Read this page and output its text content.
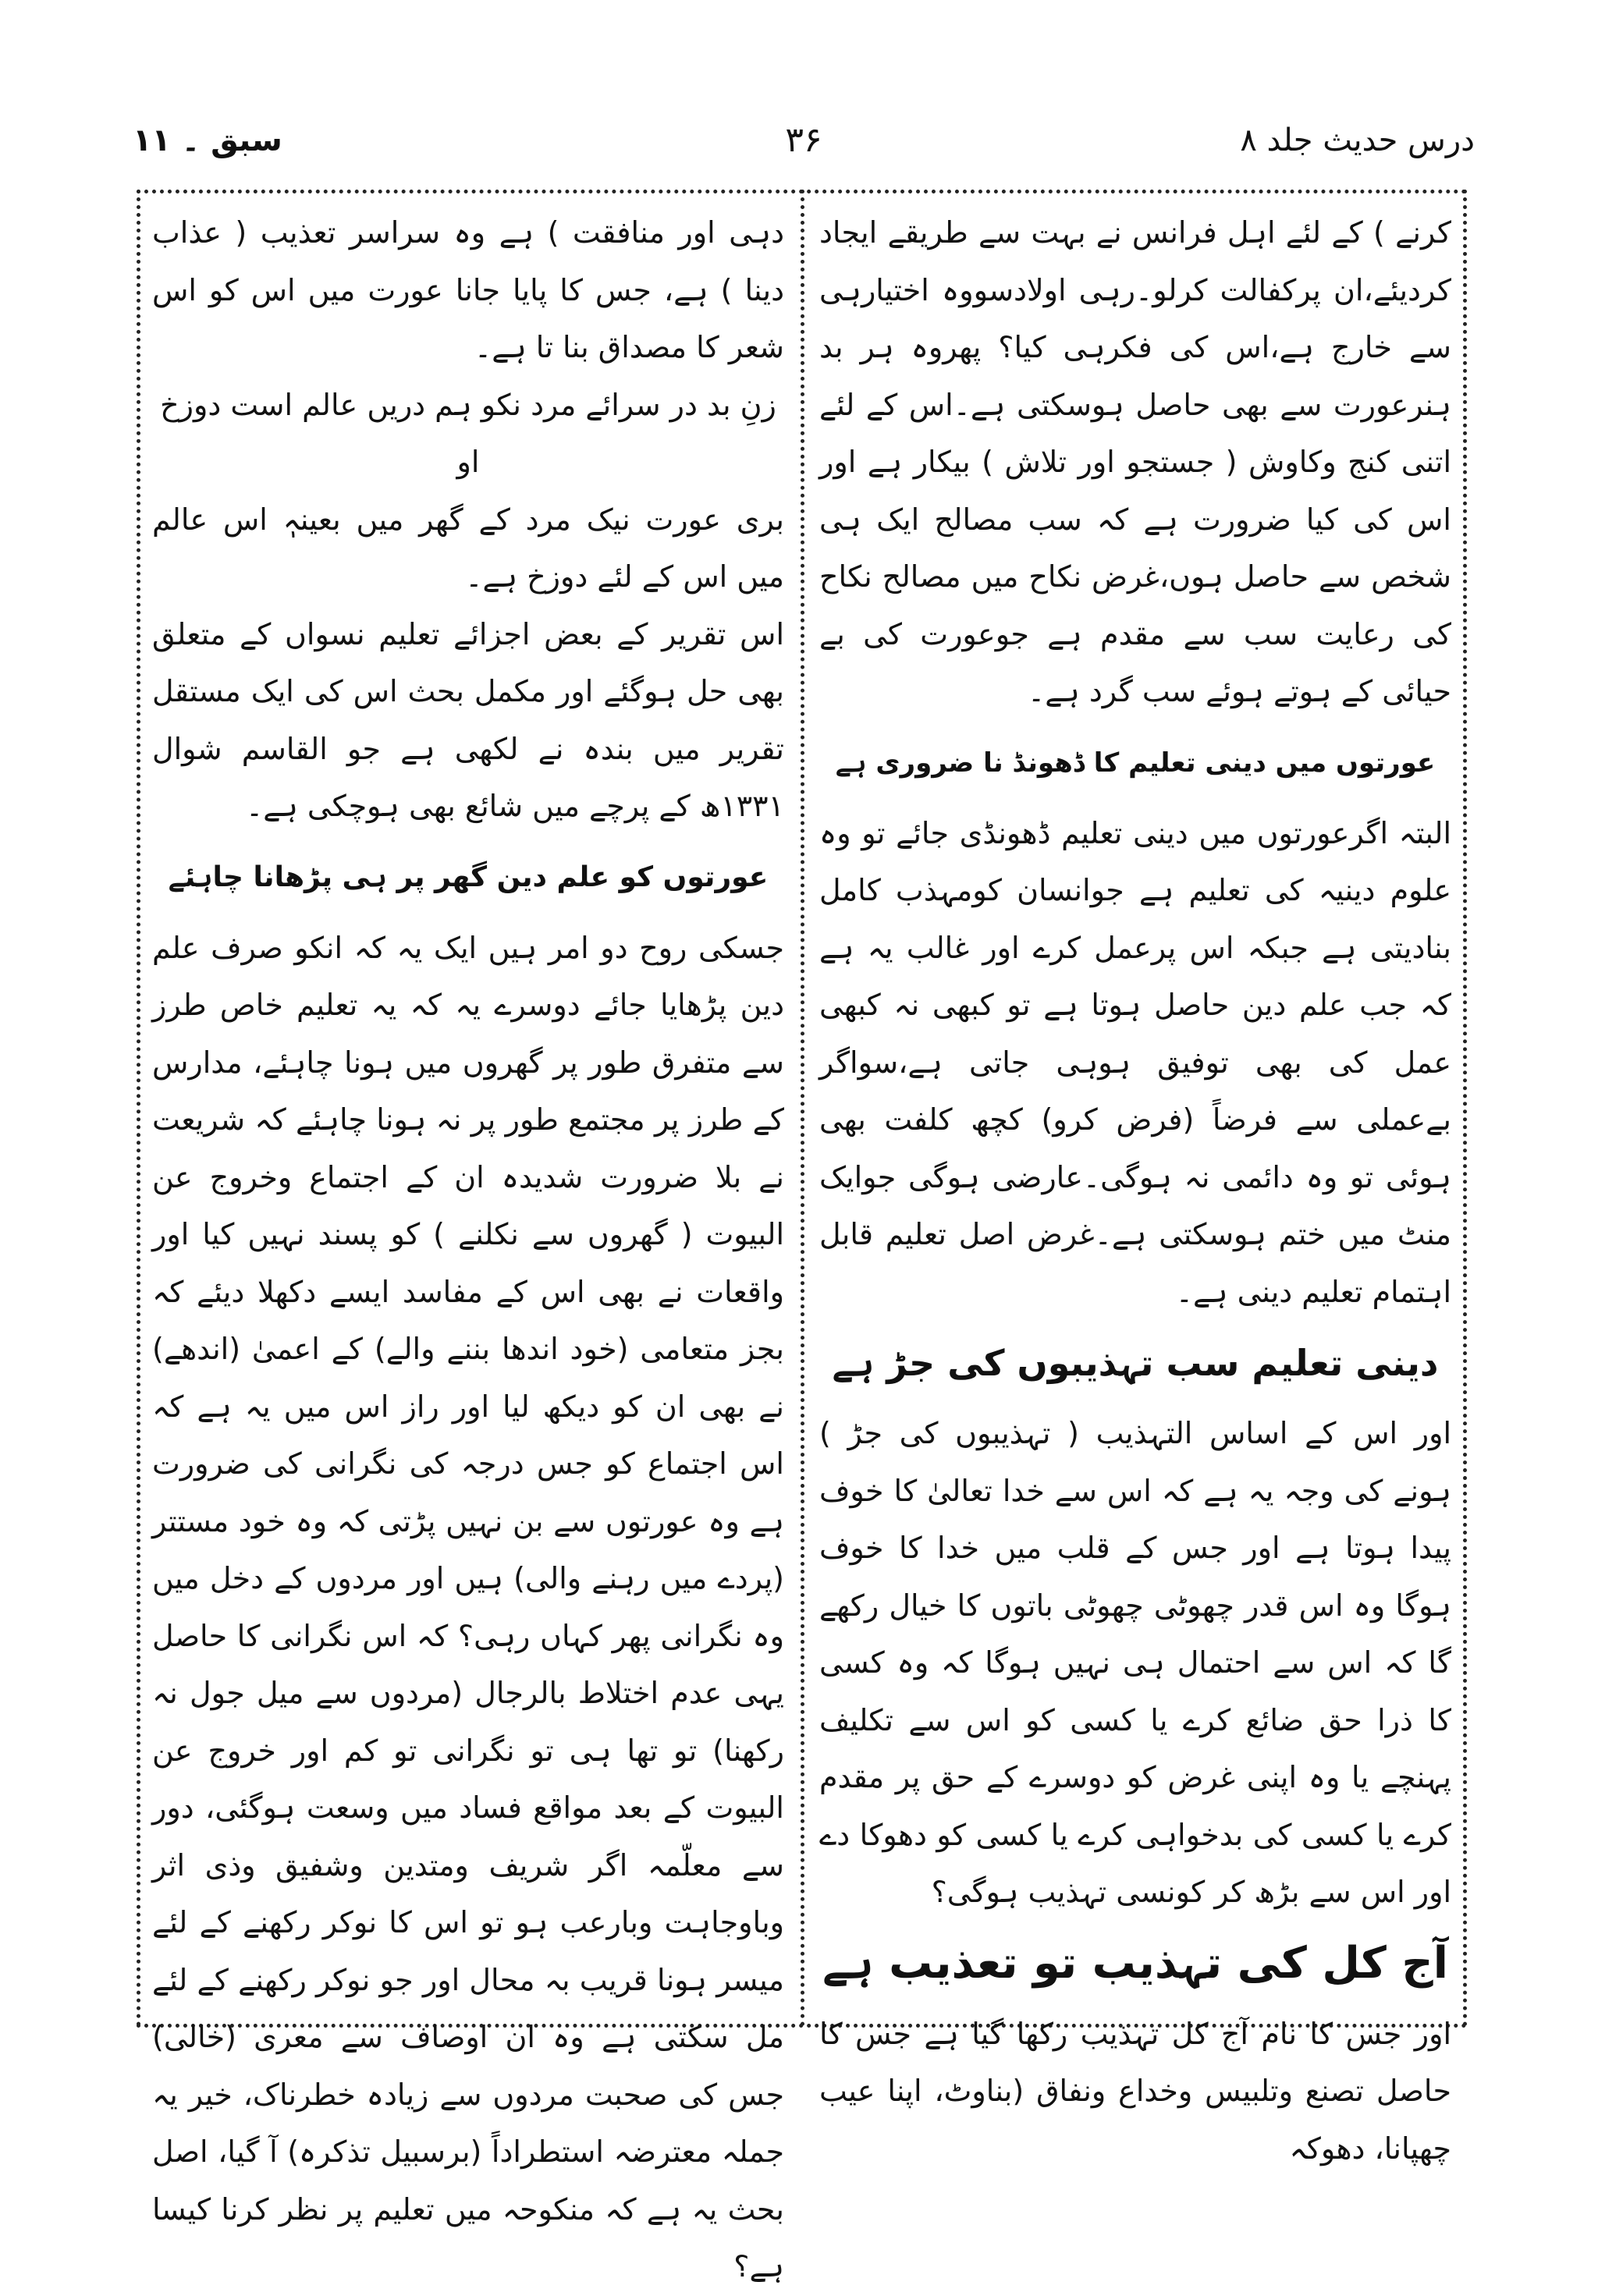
درس حدیث جلد ۸
۳۶
سبق ۔ ۱۱

کرنے ) کے لئے اہل فرانس نے بہت سے طریقے ایجاد کردیئے،ان پرکفالت کرلو۔رہی اولادسووہ اختیارہی سے خارج ہے،اس کی فکرہی کیا؟ پھروہ ہر بد ہنرعورت سے بھی حاصل ہوسکتی ہے۔اس کے لئے اتنی کنج وکاوش ( جستجو اور تلاش ) بیکار ہے اور اس کی کیا ضرورت ہے کہ سب مصالح ایک ہی شخص سے حاصل ہوں،غرض نکاح میں مصالح نکاح کی رعایت سب سے مقدم ہے جوعورت کی بے حیائی کے ہوتے ہوئے سب گرد ہے۔

عورتوں میں دینی تعلیم کا ڈھونڈ نا ضروری ہے

البتہ اگرعورتوں میں دینی تعلیم ڈھونڈی جائے تو وہ علوم دینیہ کی تعلیم ہے جوانسان کومہذب کامل بنادیتی ہے جبکہ اس پرعمل کرے اور غالب یہ ہے کہ جب علم دین حاصل ہوتا ہے تو کبھی نہ کبھی عمل کی بھی توفیق ہوہی جاتی ہے،سواگر بےعملی سے فرضاً (فرض کرو) کچھ کلفت بھی ہوئی تو وہ دائمی نہ ہوگی۔عارضی ہوگی جوایک منٹ میں ختم ہوسکتی ہے۔غرض اصل تعلیم قابل اہتمام تعلیم دینی ہے۔

دینی تعلیم سب تہذیبوں کی جڑ ہے

اور اس کے اساس التہذیب ( تہذیبوں کی جڑ ) ہونے کی وجہ یہ ہے کہ اس سے خدا تعالیٰ کا خوف پیدا ہوتا ہے اور جس کے قلب میں خدا کا خوف ہوگا وہ اس قدر چھوٹی چھوٹی باتوں کا خیال رکھے گا کہ اس سے احتمال ہی نہیں ہوگا کہ وہ کسی کا ذرا حق ضائع کرے یا کسی کو اس سے تکلیف پہنچے یا وہ اپنی غرض کو دوسرے کے حق پر مقدم کرے یا کسی کی بدخواہی کرے یا کسی کو دھوکا دے اور اس سے بڑھ کر کونسی تہذیب ہوگی؟

آج کل کی تہذیب تو تعذیب ہے

اور جس کا نام آج کل تہذیب رکھا گیا ہے جس کا حاصل تصنع وتلبیس وخداع ونفاق (بناوٹ، اپنا عیب چھپانا، دھوکہ

دہی اور منافقت ) ہے وہ سراسر تعذیب ( عذاب دینا ) ہے، جس کا پایا جانا عورت میں اس کو اس شعر کا مصداق بنا تا ہے۔

زنِ بد در سرائے مرد نکو ہم دریں عالم است دوزخ او

بری عورت نیک مرد کے گھر میں بعینہٖ اس عالم میں اس کے لئے دوزخ ہے۔

اس تقریر کے بعض اجزائے تعلیم نسواں کے متعلق بھی حل ہوگئے اور مکمل بحث اس کی ایک مستقل تقریر میں بندہ نے لکھی ہے جو القاسم شوال ۱۳۳۱ھ کے پرچے میں شائع بھی ہوچکی ہے۔

عورتوں کو علم دین گھر پر ہی پڑھانا چاہئے

جسکی روح دو امر ہیں ایک یہ کہ انکو صرف علم دین پڑھایا جائے دوسرے یہ کہ یہ تعلیم خاص طرز سے متفرق طور پر گھروں میں ہونا چاہئے، مدارس کے طرز پر مجتمع طور پر نہ ہونا چاہئے کہ شریعت نے بلا ضرورت شدیدہ ان کے اجتماع وخروج عن البیوت ( گھروں سے نکلنے ) کو پسند نہیں کیا اور واقعات نے بھی اس کے مفاسد ایسے دکھلا دیئے کہ بجز متعامی (خود اندھا بننے والے) کے اعمیٰ (اندھے) نے بھی ان کو دیکھ لیا اور راز اس میں یہ ہے کہ اس اجتماع کو جس درجہ کی نگرانی کی ضرورت ہے وہ عورتوں سے بن نہیں پڑتی کہ وہ خود مستتر (پردے میں رہنے والی) ہیں اور مردوں کے دخل میں وہ نگرانی پھر کہاں رہی؟ کہ اس نگرانی کا حاصل یہی عدم اختلاط بالرجال (مردوں سے میل جول نہ رکھنا) تو تھا ہی تو نگرانی تو کم اور خروج عن البیوت کے بعد مواقع فساد میں وسعت ہوگئی، دور سے معلّمہ اگر شریف ومتدین وشفیق وذی اثر وباوجاہت وبارعب ہو تو اس کا نوکر رکھنے کے لئے میسر ہونا قریب بہ محال اور جو نوکر رکھنے کے لئے مل سکتی ہے وہ ان اوصاف سے معری (خالی) جس کی صحبت مردوں سے زیادہ خطرناک، خیر یہ جملہ معترضہ استطراداً (برسبیل تذکرہ) آ گیا، اصل بحث یہ ہے کہ منکوحہ میں تعلیم پر نظر کرنا کیسا ہے؟
